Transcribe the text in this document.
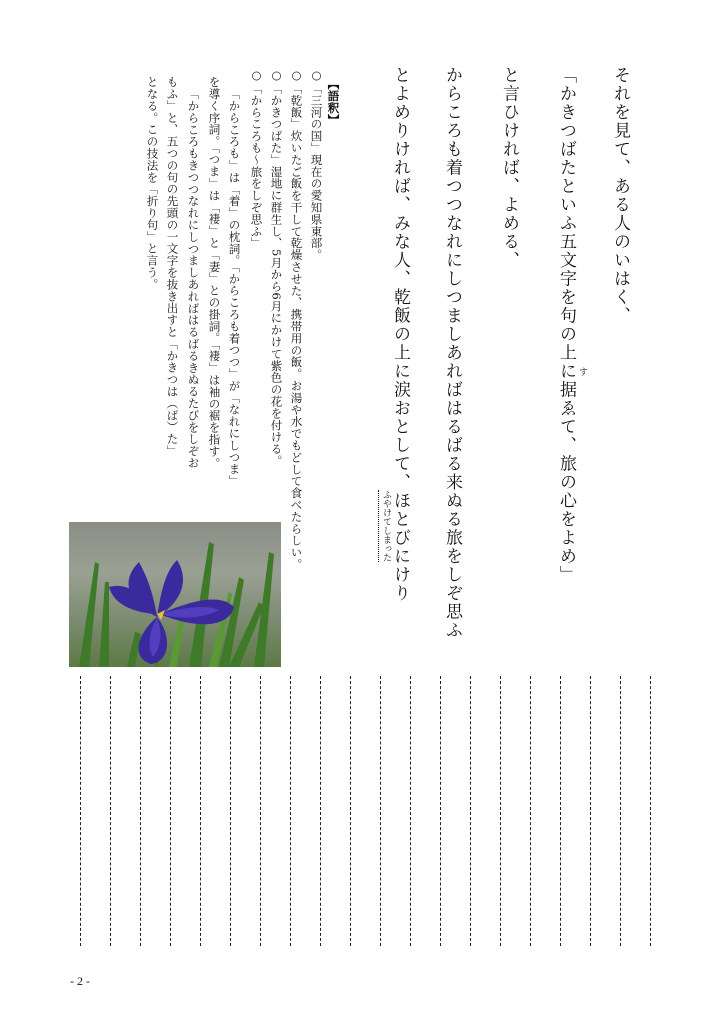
それを見て、ある人のいはく、
「かきつばたといふ五文字を句の上に据ゑて、旅の心をよめ」 す
と言ひければ、よめる、
からころも着つつなれにしつましあればはるばる来ぬる旅をしぞ思ふ
とよめりければ、みな人、乾飯の上に涙おとして、ほとびにけり
ふやけてしまった
【語釈】
○「三河の国」現在の愛知県東部。
○「乾飯」炊いたご飯を干して乾燥させた、携帯用の飯。お湯や水でもどして食べたらしい。
○「かきつばた」湿地に群生し、5月から6月にかけて紫色の花を付ける。
○「からころも～旅をしぞ思ふ」
「からころも」は「着」の枕詞。「からころも着つつ」が「なれにしつま」
を導く序詞。「つま」は「褄」と「妻」との掛詞。「褄」は袖の裾を指す。
「からころもきつつなれにしつましあればはるばるきぬるたびをしぞお
もふ」と、五つの句の先頭の一文字を抜き出すと「かきつは（ば）た」
となる。この技法を「折り句」と言う。
- 2 -
